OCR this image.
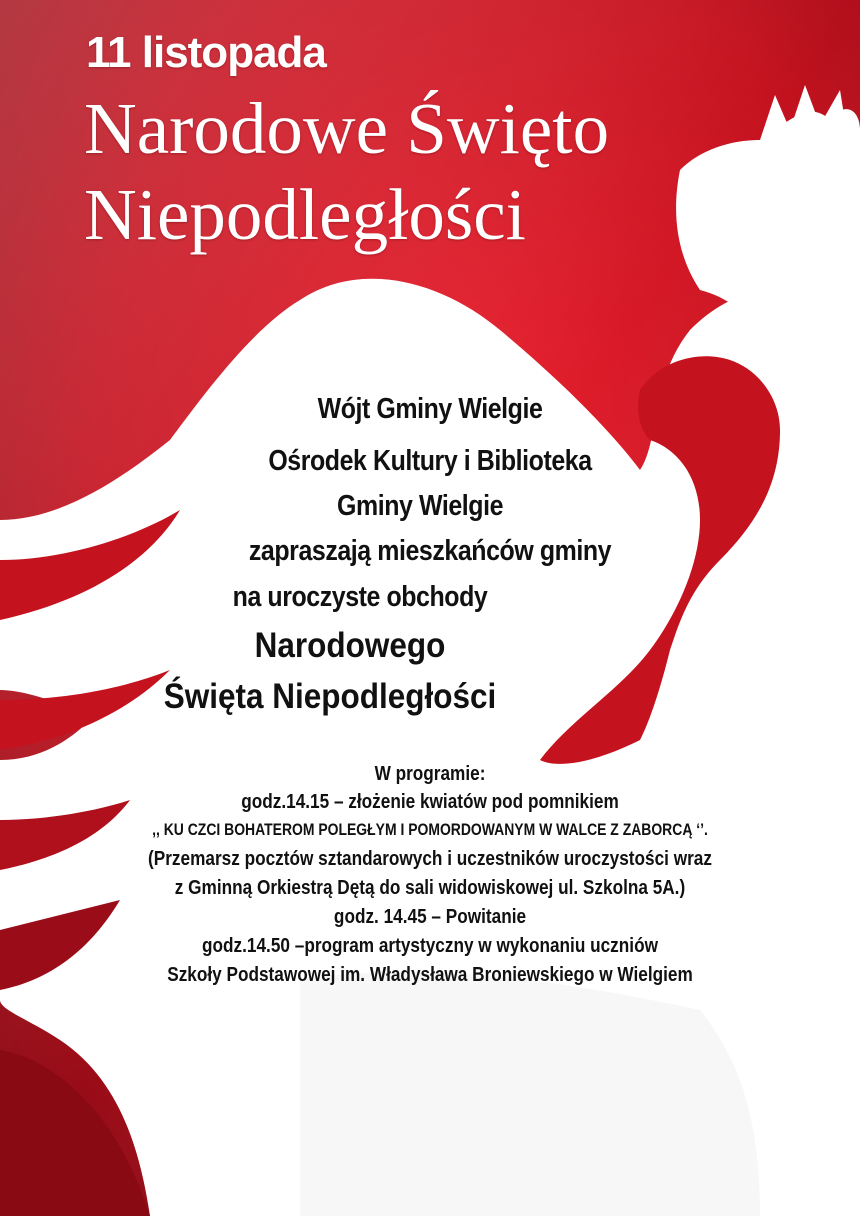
11 listopada
Narodowe Święto
Niepodległości

Wójt Gminy Wielgie

Ośrodek Kultury i Biblioteka

Gminy Wielgie

zapraszają mieszkańców gminy

na uroczyste obchody

Narodowego

Święta Niepodległości

W programie:

godz.14.15 – złożenie kwiatów pod pomnikiem

,, KU CZCI BOHATEROM POLEGŁYM I POMORDOWANYM W WALCE Z ZABORCĄ ‘’.

(Przemarsz pocztów sztandarowych i uczestników uroczystości wraz

z Gminną Orkiestrą Dętą do sali widowiskowej ul. Szkolna 5A.)

godz. 14.45 – Powitanie

godz.14.50 –program artystyczny w wykonaniu uczniów

Szkoły Podstawowej im. Władysława Broniewskiego w Wielgiem
